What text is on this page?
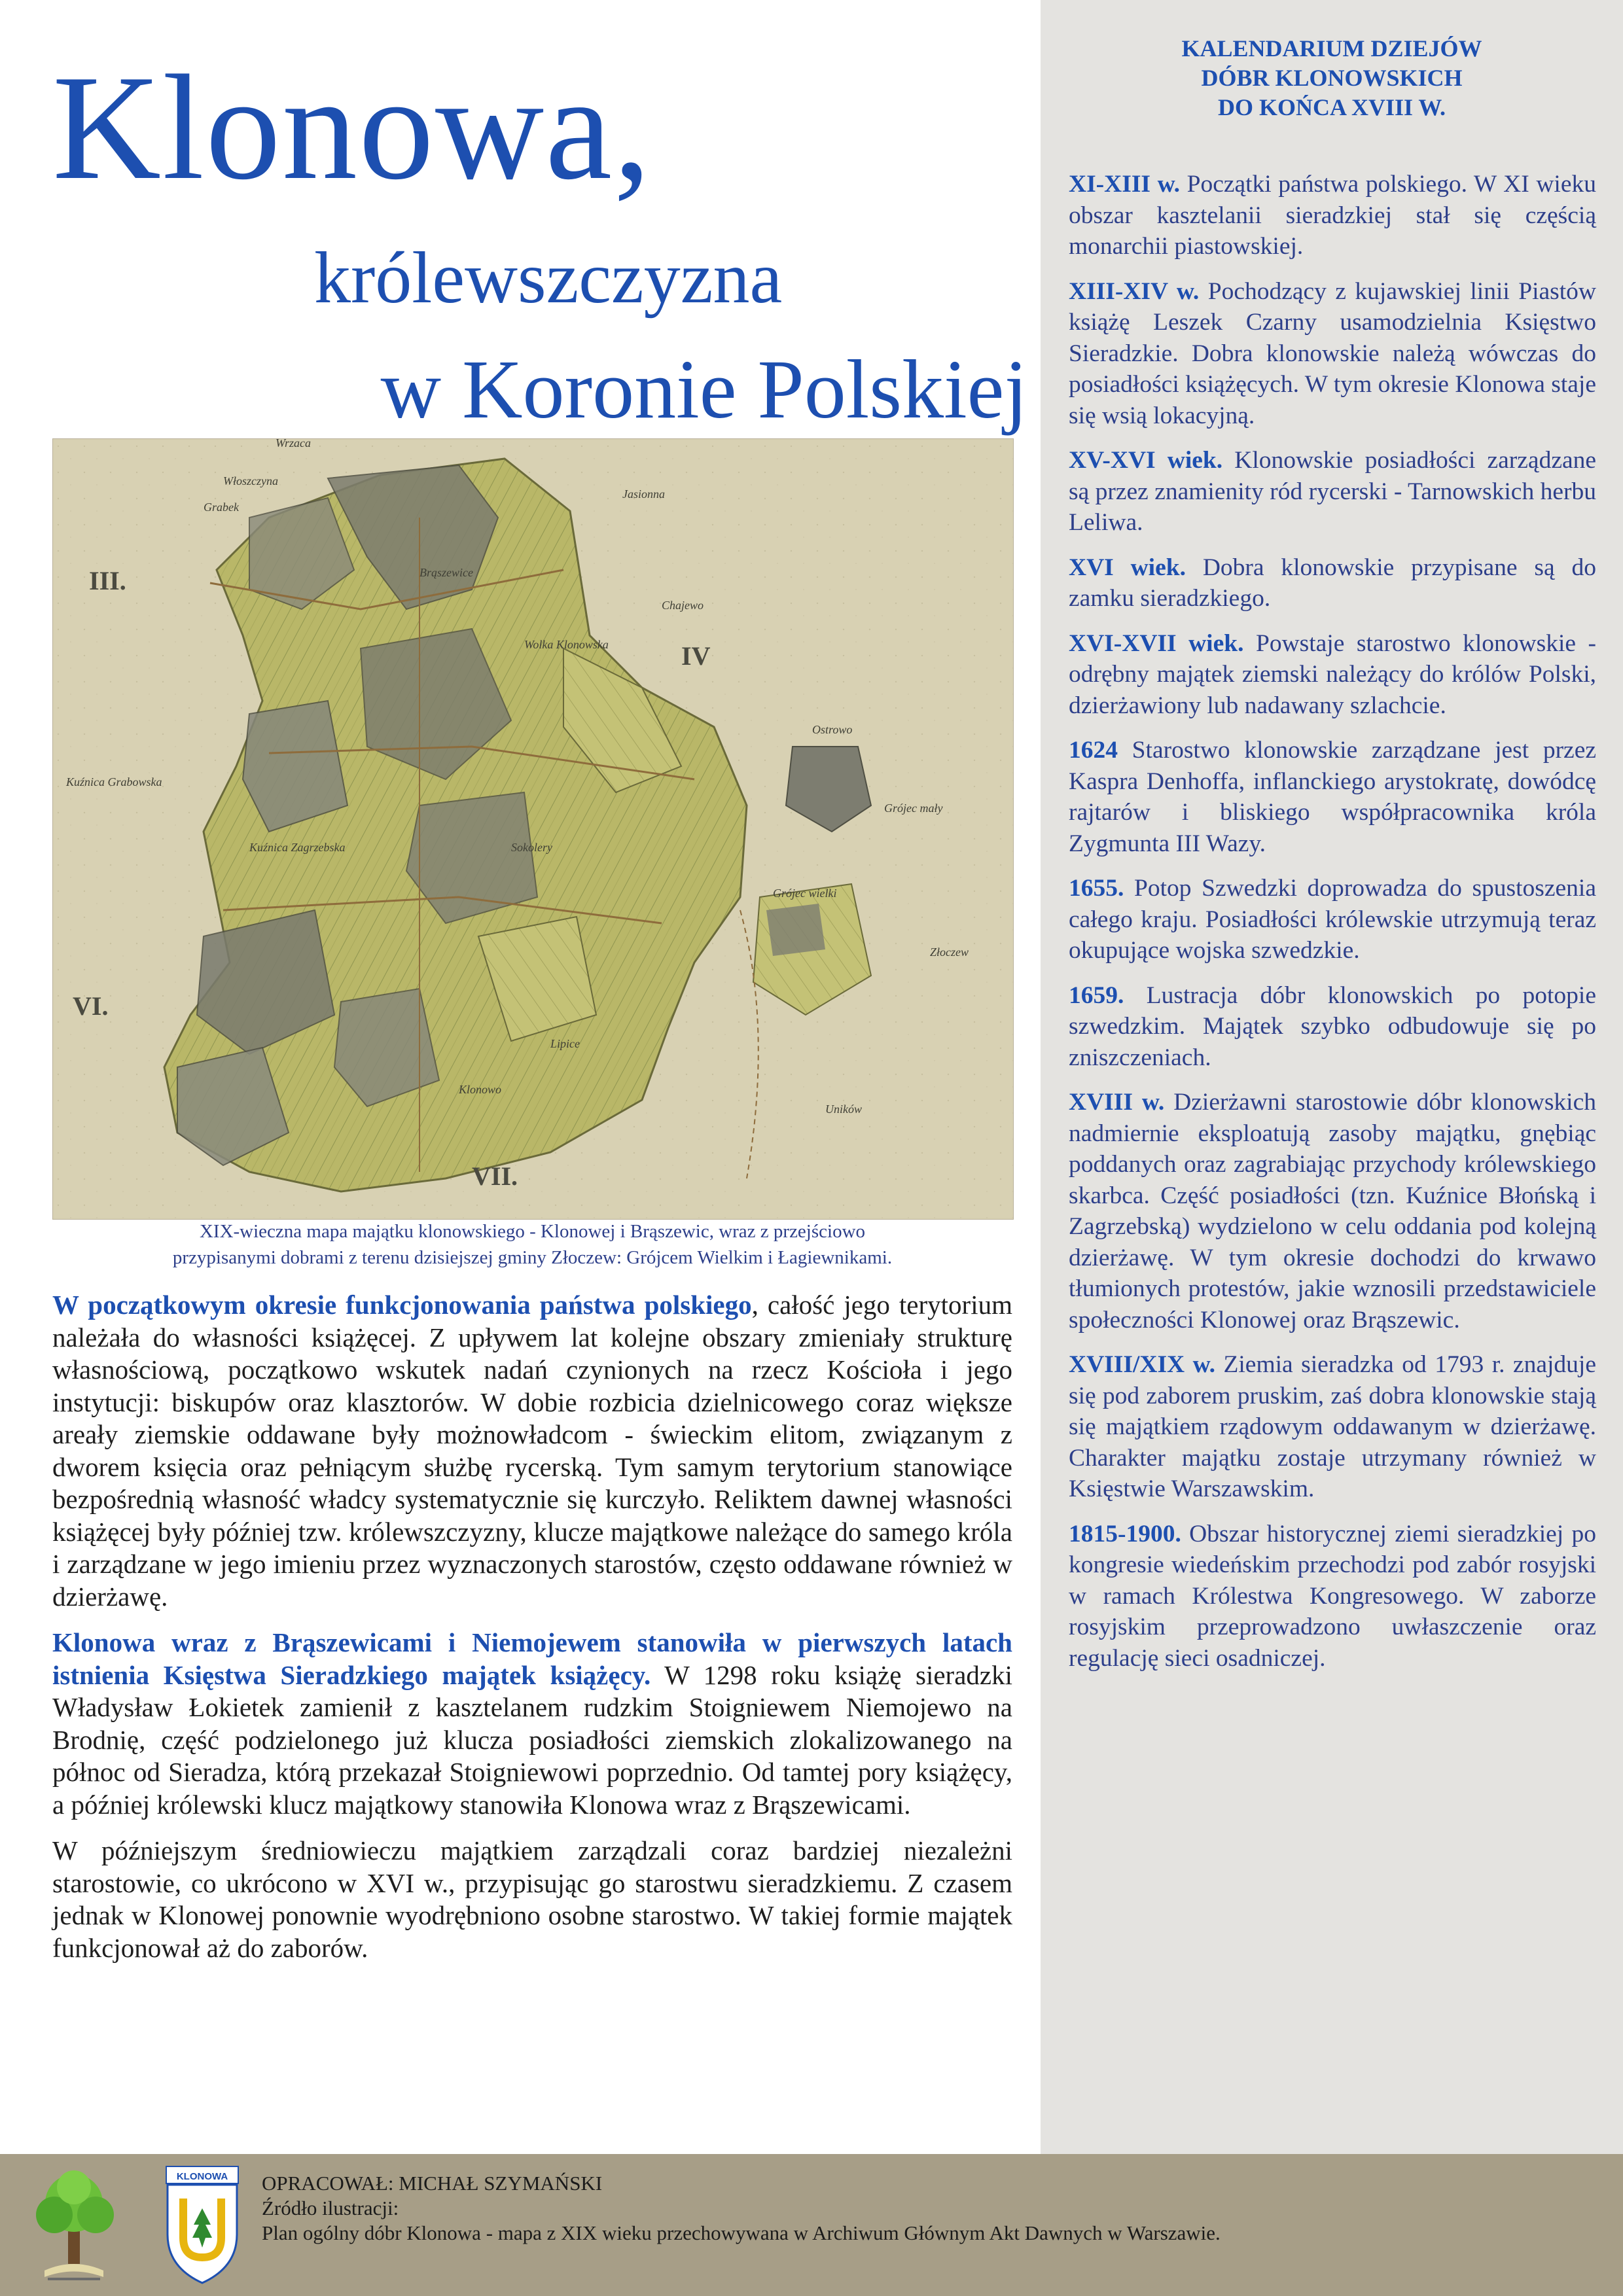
Klonowa,
królewszczyzna
w Koronie Polskiej
III.
IV
VI.
VII.
Wrzaca
Włoszczyna
Grabek
Jasionna
Chajewo
Wolka Klonowska
Kuźnica Grabowska
Ostrowo
Grójec mały
Grójec wielki
Klonowo
Złoczew
Uników
Brąszewice
Kuźnica Zagrzebska
Lipice
Sokolery
XIX-wieczna mapa majątku klonowskiego - Klonowej i Brąszewic, wraz z przejściowo
przypisanymi dobrami z terenu dzisiejszej gminy Złoczew: Grójcem Wielkim i Łagiewnikami.

W początkowym okresie funkcjonowania państwa polskiego, całość jego terytorium należała do własności książęcej. Z upływem lat kolejne obszary zmieniały strukturę własnościową, początkowo wskutek nadań czynionych na rzecz Kościoła i jego instytucji: biskupów oraz klasztorów. W dobie rozbicia dzielnicowego coraz większe areały ziemskie oddawane były możnowładcom - świeckim elitom, związanym z dworem księcia oraz pełniącym służbę rycerską. Tym samym terytorium stanowiące bezpośrednią własność władcy systematycznie się kurczyło. Reliktem dawnej własności książęcej były później tzw. królewszczyzny, klucze majątkowe należące do samego króla i zarządzane w jego imieniu przez wyznaczonych starostów, często oddawane również w dzierżawę.

Klonowa wraz z Brąszewicami i Niemojewem stanowiła w pierwszych latach istnienia Księstwa Sieradzkiego majątek książęcy. W 1298 roku książę sieradzki Władysław Łokietek zamienił z kasztelanem rudzkim Stoigniewem Niemojewo na Brodnię, część podzielonego już klucza posiadłości ziemskich zlokalizowanego na północ od Sieradza, którą przekazał Stoigniewowi poprzednio. Od tamtej pory książęcy, a później królewski klucz majątkowy stanowiła Klonowa wraz z Brąszewicami.

W późniejszym średniowieczu majątkiem zarządzali coraz bardziej niezależni starostowie, co ukrócono w XVI w., przypisując go starostwu sieradzkiemu. Z czasem jednak w Klonowej ponownie wyodrębniono osobne starostwo. W takiej formie majątek funkcjonował aż do zaborów.

KALENDARIUM DZIEJÓW
DÓBR KLONOWSKICH
DO KOŃCA XVIII W.
XI-XIII w. Początki państwa polskiego. W XI wieku obszar kasztelanii sieradzkiej stał się częścią monarchii piastowskiej.
XIII-XIV w. Pochodzący z kujawskiej linii Piastów książę Leszek Czarny usamodzielnia Księstwo Sieradzkie. Dobra klonowskie należą wówczas do posiadłości książęcych. W tym okresie Klonowa staje się wsią lokacyjną.
XV-XVI wiek. Klonowskie posiadłości zarządzane są przez znamienity ród rycerski - Tarnowskich herbu Leliwa.
XVI wiek. Dobra klonowskie przypisane są do zamku sieradzkiego.
XVI-XVII wiek. Powstaje starostwo klonowskie - odrębny majątek ziemski należący do królów Polski, dzierżawiony lub nadawany szlachcie.
1624 Starostwo klonowskie zarządzane jest przez Kaspra Denhoffa, inflanckiego arystokratę, dowódcę rajtarów i bliskiego współpracownika króla Zygmunta III Wazy.
1655. Potop Szwedzki doprowadza do spustoszenia całego kraju. Posiadłości królewskie utrzymują teraz okupujące wojska szwedzkie.
1659. Lustracja dóbr klonowskich po potopie szwedzkim. Majątek szybko odbudowuje się po zniszczeniach.
XVIII w. Dzierżawni starostowie dóbr klonowskich nadmiernie eksploatują zasoby majątku, gnębiąc poddanych oraz zagrabiając przychody królewskiego skarbca. Część posiadłości (tzn. Kuźnice Błońską i Zagrzebską) wydzielono w celu oddania pod kolejną dzierżawę. W tym okresie dochodzi do krwawo tłumionych protestów, jakie wznosili przedstawiciele społeczności Klonowej oraz Brąszewic.
XVIII/XIX w. Ziemia sieradzka od 1793 r. znajduje się pod zaborem pruskim, zaś dobra klonowskie stają się majątkiem rządowym oddawanym w dzierżawę. Charakter majątku zostaje utrzymany również w Księstwie Warszawskim.
1815-1900. Obszar historycznej ziemi sieradzkiej po kongresie wiedeńskim przechodzi pod zabór rosyjski w ramach Królestwa Kongresowego. W zaborze rosyjskim przeprowadzono uwłaszczenie oraz regulację sieci osadniczej.
KLONOWA OPRACOWAŁ: MICHAŁ SZYMAŃSKI
Źródło ilustracji:
Plan ogólny dóbr Klonowa - mapa z XIX wieku przechowywana w Archiwum Głównym Akt Dawnych w Warszawie.
